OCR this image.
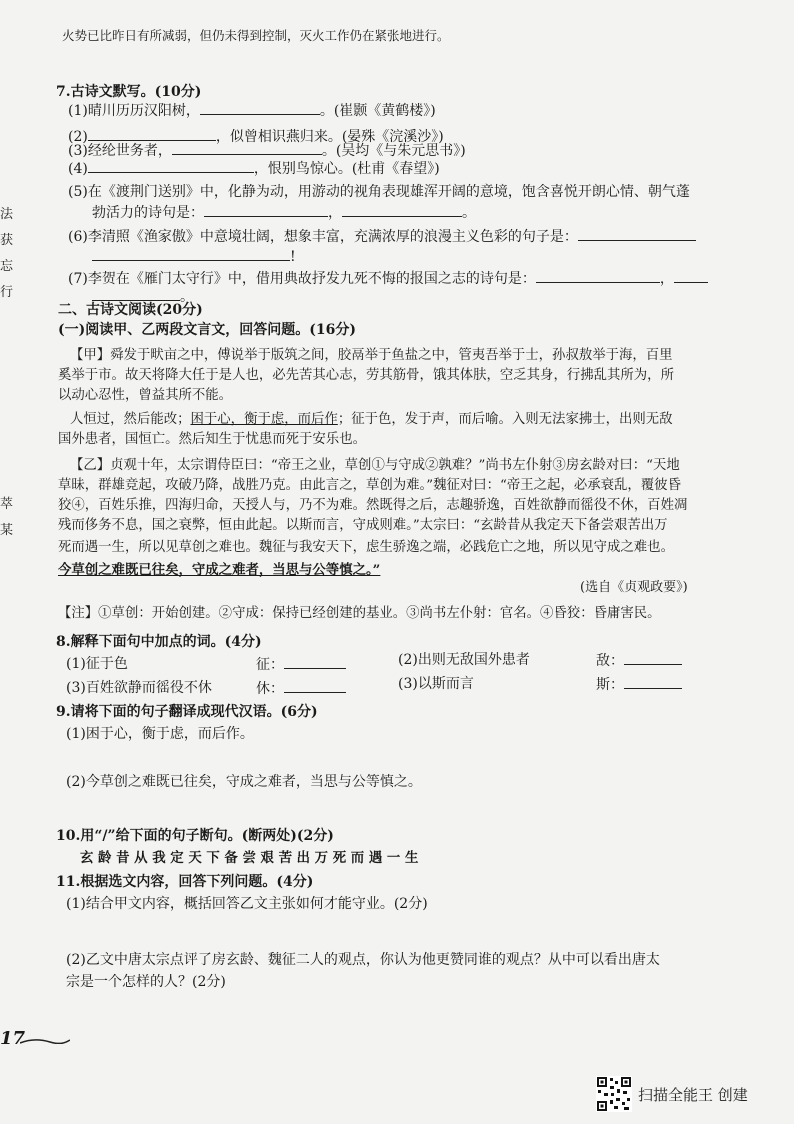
火势已比昨日有所减弱，但仍未得到控制，灭火工作仍在紧张地进行。
法
获
忘
行
萃
某
7.古诗文默写。(10分)
(1)晴川历历汉阳树，	。(崔颢《黄鹤楼》)
(2)	，似曾相识燕归来。(晏殊《浣溪沙》)
(3)经纶世务者，	。(吴均《与朱元思书》)
(4)	，恨别鸟惊心。(杜甫《春望》)
(5)在《渡荆门送别》中，化静为动，用游动的视角表现雄浑开阔的意境，饱含喜悦开朗心情、朝气蓬
勃活力的诗句是：	，	。
(6)李清照《渔家傲》中意境壮阔，想象丰富，充满浓厚的浪漫主义色彩的句子是：
!
(7)李贺在《雁门太守行》中，借用典故抒发九死不悔的报国之志的诗句是：	，
。
二、古诗文阅读(20分)
(一)阅读甲、乙两段文言文，回答问题。(16分)
【甲】舜发于畎亩之中，傅说举于版筑之间，胶鬲举于鱼盐之中，管夷吾举于士，孙叔敖举于海，百里
奚举于市。故天将降大任于是人也，必先苦其心志，劳其筋骨，饿其体肤，空乏其身，行拂乱其所为，所
以动心忍性，曾益其所不能。
人恒过，然后能改；困于心，衡于虑，而后作；征于色，发于声，而后喻。入则无法家拂士，出则无敌
国外患者，国恒亡。然后知生于忧患而死于安乐也。
【乙】贞观十年，太宗谓侍臣曰：“帝王之业，草创①与守成②孰难？”尚书左仆射③房玄龄对曰：“天地
草昧，群雄竞起，攻破乃降，战胜乃克。由此言之，草创为难。”魏征对曰：“帝王之起，必承衰乱，覆彼昏
狡④，百姓乐推，四海归命，天授人与，乃不为难。然既得之后，志趣骄逸，百姓欲静而徭役不休，百姓凋
残而侈务不息，国之衰弊，恒由此起。以斯而言，守成则难。”太宗曰：“玄龄昔从我定天下备尝艰苦出万
死而遇一生，所以见草创之难也。魏征与我安天下，虑生骄逸之端，必践危亡之地，所以见守成之难也。
今草创之难既已往矣，守成之难者，当思与公等慎之。”
(选自《贞观政要》)
【注】①草创：开始创建。②守成：保持已经创建的基业。③尚书左仆射：官名。④昏狡：昏庸害民。
8.解释下面句中加点的词。(4分)
(1)征于色	征：	(2)出则无敌国外患者	敌：
(3)百姓欲静而徭役不休	休：	(3)以斯而言	斯：
9.请将下面的句子翻译成现代汉语。(6分)
(1)困于心，衡于虑，而后作。
(2)今草创之难既已往矣，守成之难者，当思与公等慎之。
10.用“/”给下面的句子断句。(断两处)(2分)
玄 龄 昔 从 我 定 天 下 备 尝 艰 苦 出 万 死 而 遇 一 生
11.根据选文内容，回答下列问题。(4分)
(1)结合甲文内容，概括回答乙文主张如何才能守业。(2分)
(2)乙文中唐太宗点评了房玄龄、魏征二人的观点，你认为他更赞同谁的观点？从中可以看出唐太
宗是一个怎样的人？(2分)
17
扫描全能王 创建
